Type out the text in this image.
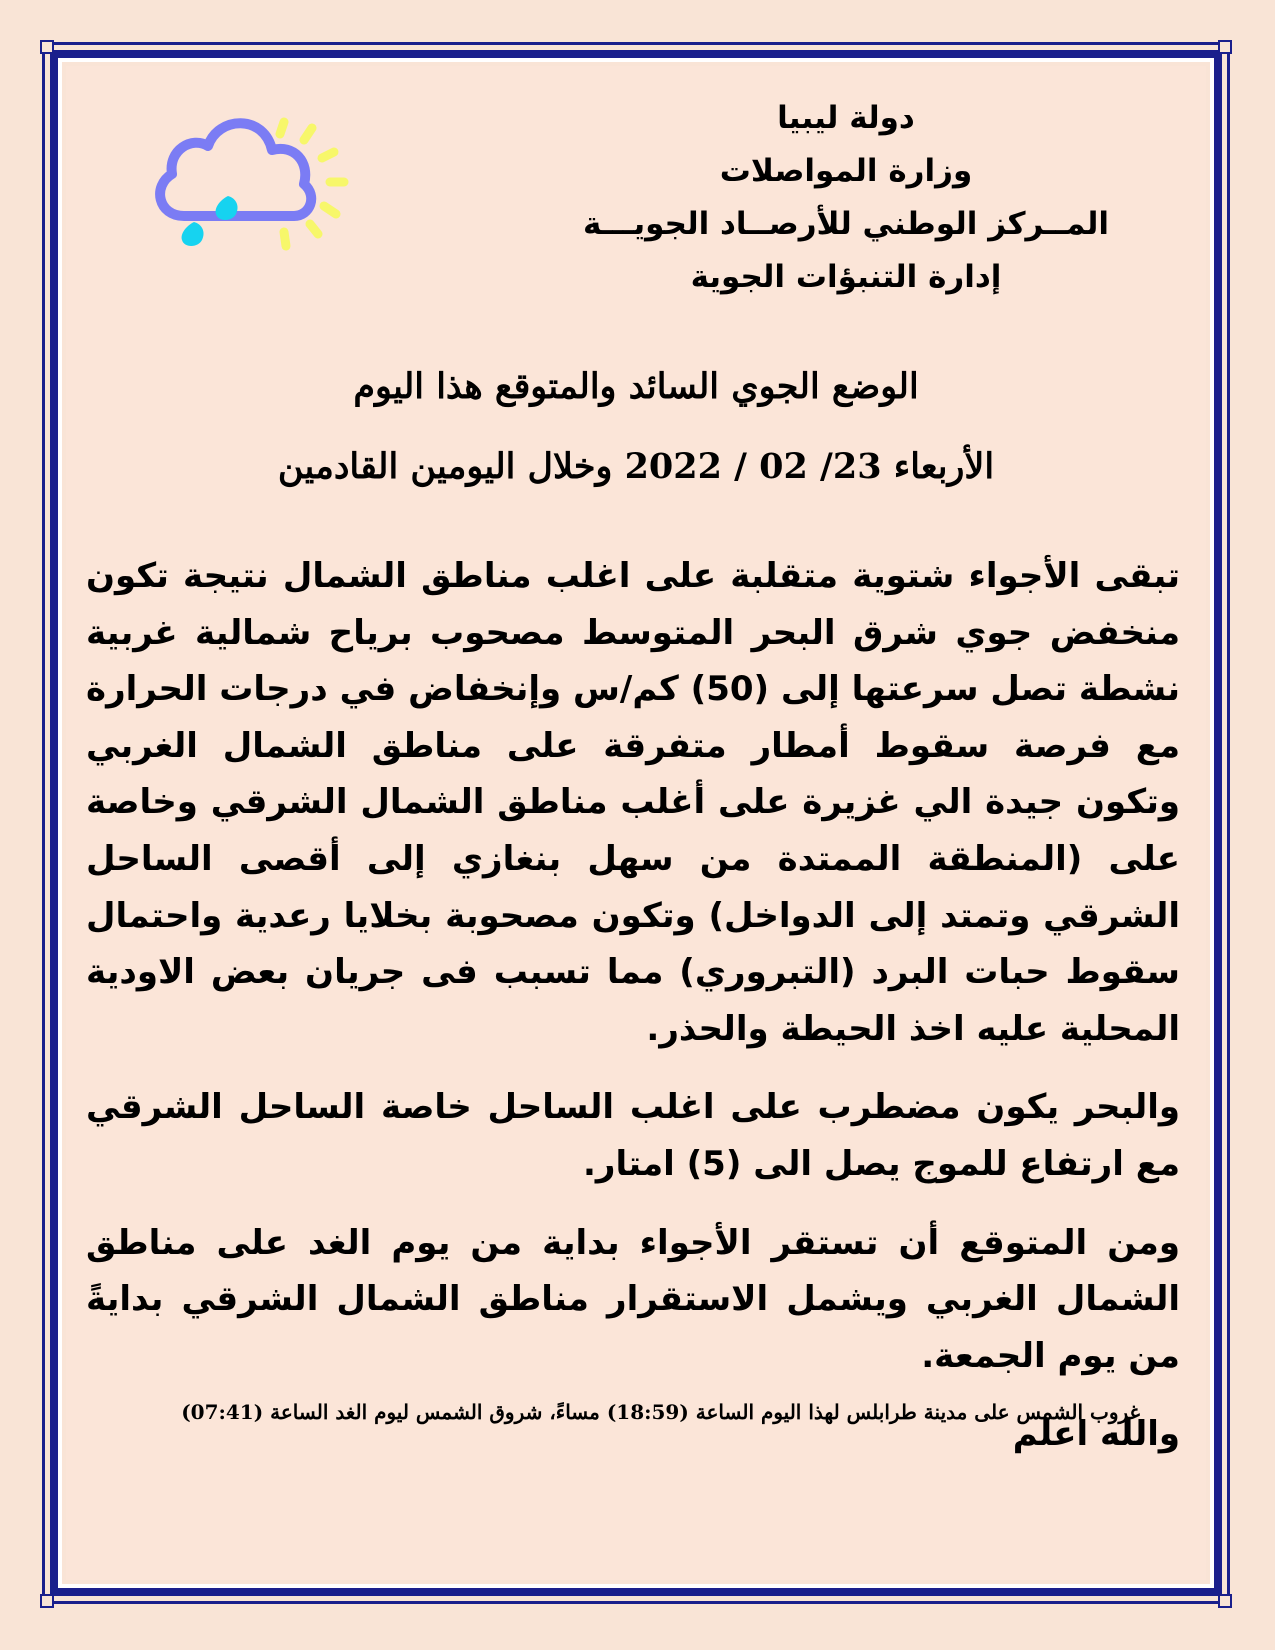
دولة ليبيا
وزارة المواصلات
المــركز الوطني للأرصــاد الجويـــة
إدارة التنبؤات الجوية
الوضع الجوي السائد والمتوقع هذا اليوم
الأربعاء 23/ 02 / 2022 وخلال اليومين القادمين

تبقى الأجواء شتوية متقلبة على اغلب مناطق الشمال نتيجة تكون منخفض جوي شرق البحر المتوسط مصحوب برياح شمالية غربية نشطة تصل سرعتها إلى (50) كم/س وإنخفاض في درجات الحرارة مع فرصة سقوط أمطار متفرقة على مناطق الشمال الغربي وتكون جيدة الي غزيرة على أغلب مناطق الشمال الشرقي وخاصة على (المنطقة الممتدة من سهل بنغازي إلى أقصى الساحل الشرقي وتمتد إلى الدواخل) وتكون مصحوبة بخلايا رعدية واحتمال سقوط حبات البرد (التبروري) مما تسبب فى جريان بعض الاودية المحلية عليه اخذ الحيطة والحذر.

والبحر يكون مضطرب على اغلب الساحل خاصة الساحل الشرقي مع ارتفاع للموج يصل الى (5) امتار.

ومن المتوقع أن تستقر الأجواء بداية من يوم الغد على مناطق الشمال الغربي ويشمل الاستقرار مناطق الشمال الشرقي بدايةً من يوم الجمعة.

والله اعلم

غروب الشمس على مدينة طرابلس لهذا اليوم الساعة (18:59) مساءً، شروق الشمس ليوم الغد الساعة (07:41)
